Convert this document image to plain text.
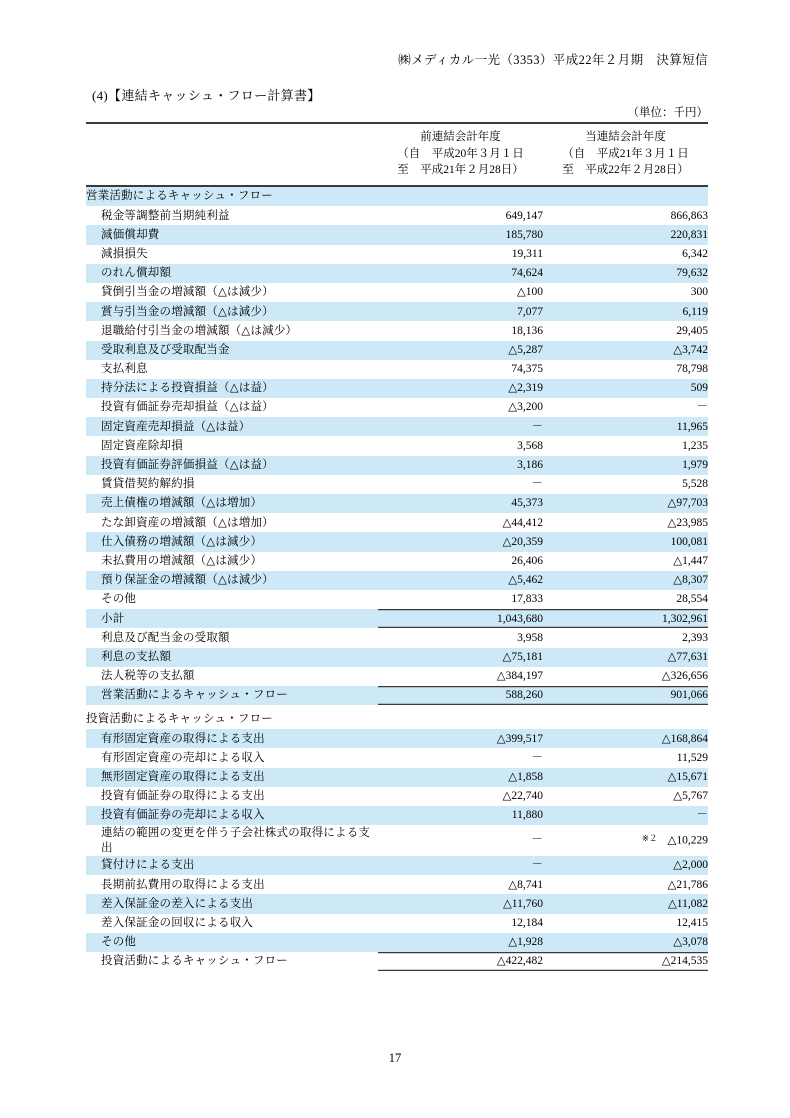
㈱メディカル一光（3353）平成22年２月期　決算短信
(4)【連結キャッシュ・フロー計算書】
（単位：千円）

	前連結会計年度
（自　平成20年３月１日
至　平成21年２月28日）	当連結会計年度
（自　平成21年３月１日
至　平成22年２月28日）

営業活動によるキャッシュ・フロー		
税金等調整前当期純利益	649,147	866,863
減価償却費	185,780	220,831
減損損失	19,311	6,342
のれん償却額	74,624	79,632
貸倒引当金の増減額（△は減少）	△100	300
賞与引当金の増減額（△は減少）	7,077	6,119
退職給付引当金の増減額（△は減少）	18,136	29,405
受取利息及び受取配当金	△5,287	△3,742
支払利息	74,375	78,798
持分法による投資損益（△は益）	△2,319	509
投資有価証券売却損益（△は益）	△3,200	－
固定資産売却損益（△は益）	－	11,965
固定資産除却損	3,568	1,235
投資有価証券評価損益（△は益）	3,186	1,979
賃貸借契約解約損	－	5,528
売上債権の増減額（△は増加）	45,373	△97,703
たな卸資産の増減額（△は増加）	△44,412	△23,985
仕入債務の増減額（△は減少）	△20,359	100,081
未払費用の増減額（△は減少）	26,406	△1,447
預り保証金の増減額（△は減少）	△5,462	△8,307
その他	17,833	28,554
小計	1,043,680	1,302,961
利息及び配当金の受取額	3,958	2,393
利息の支払額	△75,181	△77,631
法人税等の支払額	△384,197	△326,656
営業活動によるキャッシュ・フロー	588,260	901,066

投資活動によるキャッシュ・フロー		
有形固定資産の取得による支出	△399,517	△168,864
有形固定資産の売却による収入	－	11,529
無形固定資産の取得による支出	△1,858	△15,671
投資有価証券の取得による支出	△22,740	△5,767
投資有価証券の売却による収入	11,880	－

連結の範囲の変更を伴う子会社株式の取得による支出	－	$^{※2}$ △10,229
貸付けによる支出	－	△2,000
長期前払費用の取得による支出	△8,741	△21,786
差入保証金の差入による支出	△11,760	△11,082
差入保証金の回収による収入	12,184	12,415
その他	△1,928	△3,078
投資活動によるキャッシュ・フロー	△422,482	△214,535
17
